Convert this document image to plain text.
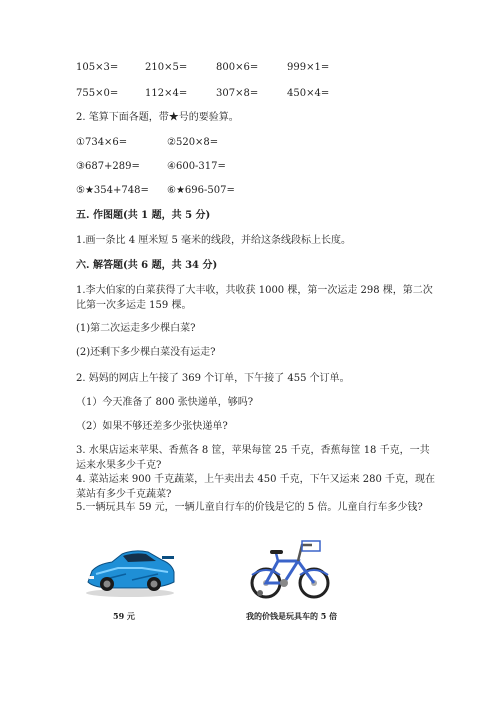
105×3=	210×5=	800×6=	999×1=
755×0=	112×4=	307×8=	450×4=
2. 笔算下面各题，带★号的要验算。
①734×6=	②520×8=
③687+289=	④600-317=
⑤★354+748= ⑥★696-507=
五. 作图题(共 1 题，共 5 分)
1.画一条比 4 厘米短 5 毫米的线段，并给这条线段标上长度。
六. 解答题(共 6 题，共 34 分)
1.李大伯家的白菜获得了大丰收，共收获 1000 棵，第一次运走 298 棵，第二次
比第一次多运走 159 棵。
(1)第二次运走多少棵白菜?
(2)还剩下多少棵白菜没有运走?
2. 妈妈的网店上午接了 369 个订单，下午接了 455 个订单。
（1）今天准备了 800 张快递单，够吗?
（2）如果不够还差多少张快递单?
3. 水果店运来苹果、香蕉各 8 筐，苹果每筐 25 千克，香蕉每筐 18 千克，一共
运来水果多少千克?
4. 菜站运来 900 千克蔬菜，上午卖出去 450 千克，下午又运来 280 千克，现在
菜站有多少千克蔬菜?
5.一辆玩具车 59 元，一辆儿童自行车的价钱是它的 5 倍。儿童自行车多少钱?
59 元	我的价钱是玩具车的 5 倍
